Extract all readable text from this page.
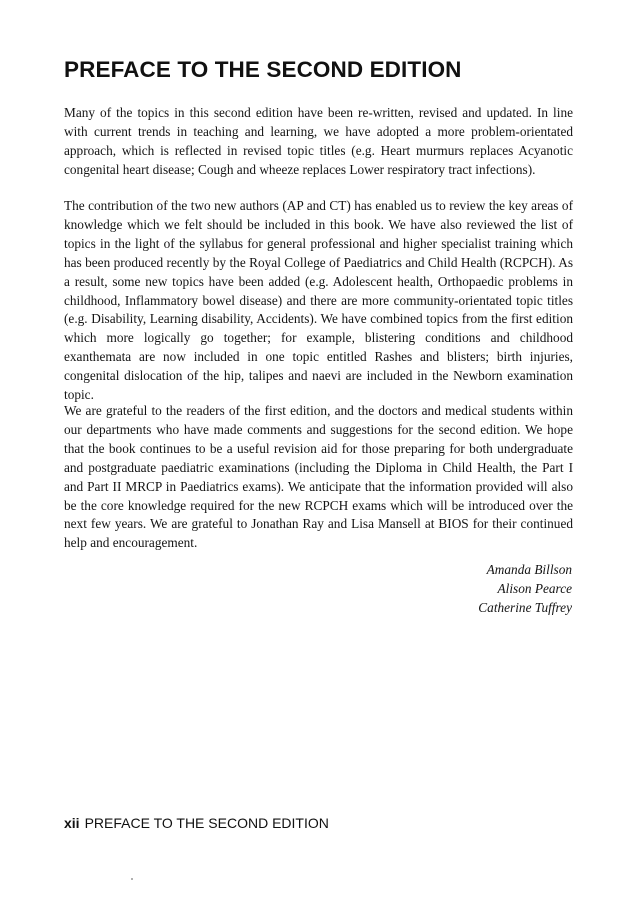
PREFACE TO THE SECOND EDITION

Many of the topics in this second edition have been re-written, revised and updated. In line with current trends in teaching and learning, we have adopted a more problem-orientated approach, which is reflected in revised topic titles (e.g. Heart murmurs replaces Acyanotic congenital heart disease; Cough and wheeze replaces Lower respiratory tract infections).

The contribution of the two new authors (AP and CT) has enabled us to review the key areas of knowledge which we felt should be included in this book. We have also reviewed the list of topics in the light of the syllabus for general professional and higher specialist training which has been produced recently by the Royal College of Paediatrics and Child Health (RCPCH). As a result, some new topics have been added (e.g. Adolescent health, Orthopaedic problems in childhood, Inflammatory bowel disease) and there are more community-orientated topic titles (e.g. Disability, Learning disability, Accidents). We have combined topics from the first edition which more logically go together; for example, blistering conditions and childhood exanthemata are now included in one topic entitled Rashes and blisters; birth injuries, congenital dislocation of the hip, talipes and naevi are included in the Newborn examination topic.

We are grateful to the readers of the first edition, and the doctors and medical students within our departments who have made comments and suggestions for the second edition. We hope that the book continues to be a useful revision aid for those preparing for both undergraduate and postgraduate paediatric examinations (including the Diploma in Child Health, the Part I and Part II MRCP in Paediatrics exams). We anticipate that the information provided will also be the core knowledge required for the new RCPCH exams which will be introduced over the next few years. We are grateful to Jonathan Ray and Lisa Mansell at BIOS for their continued help and encouragement.

Amanda Billson
Alison Pearce
Catherine Tuffrey
xii PREFACE TO THE SECOND EDITION
